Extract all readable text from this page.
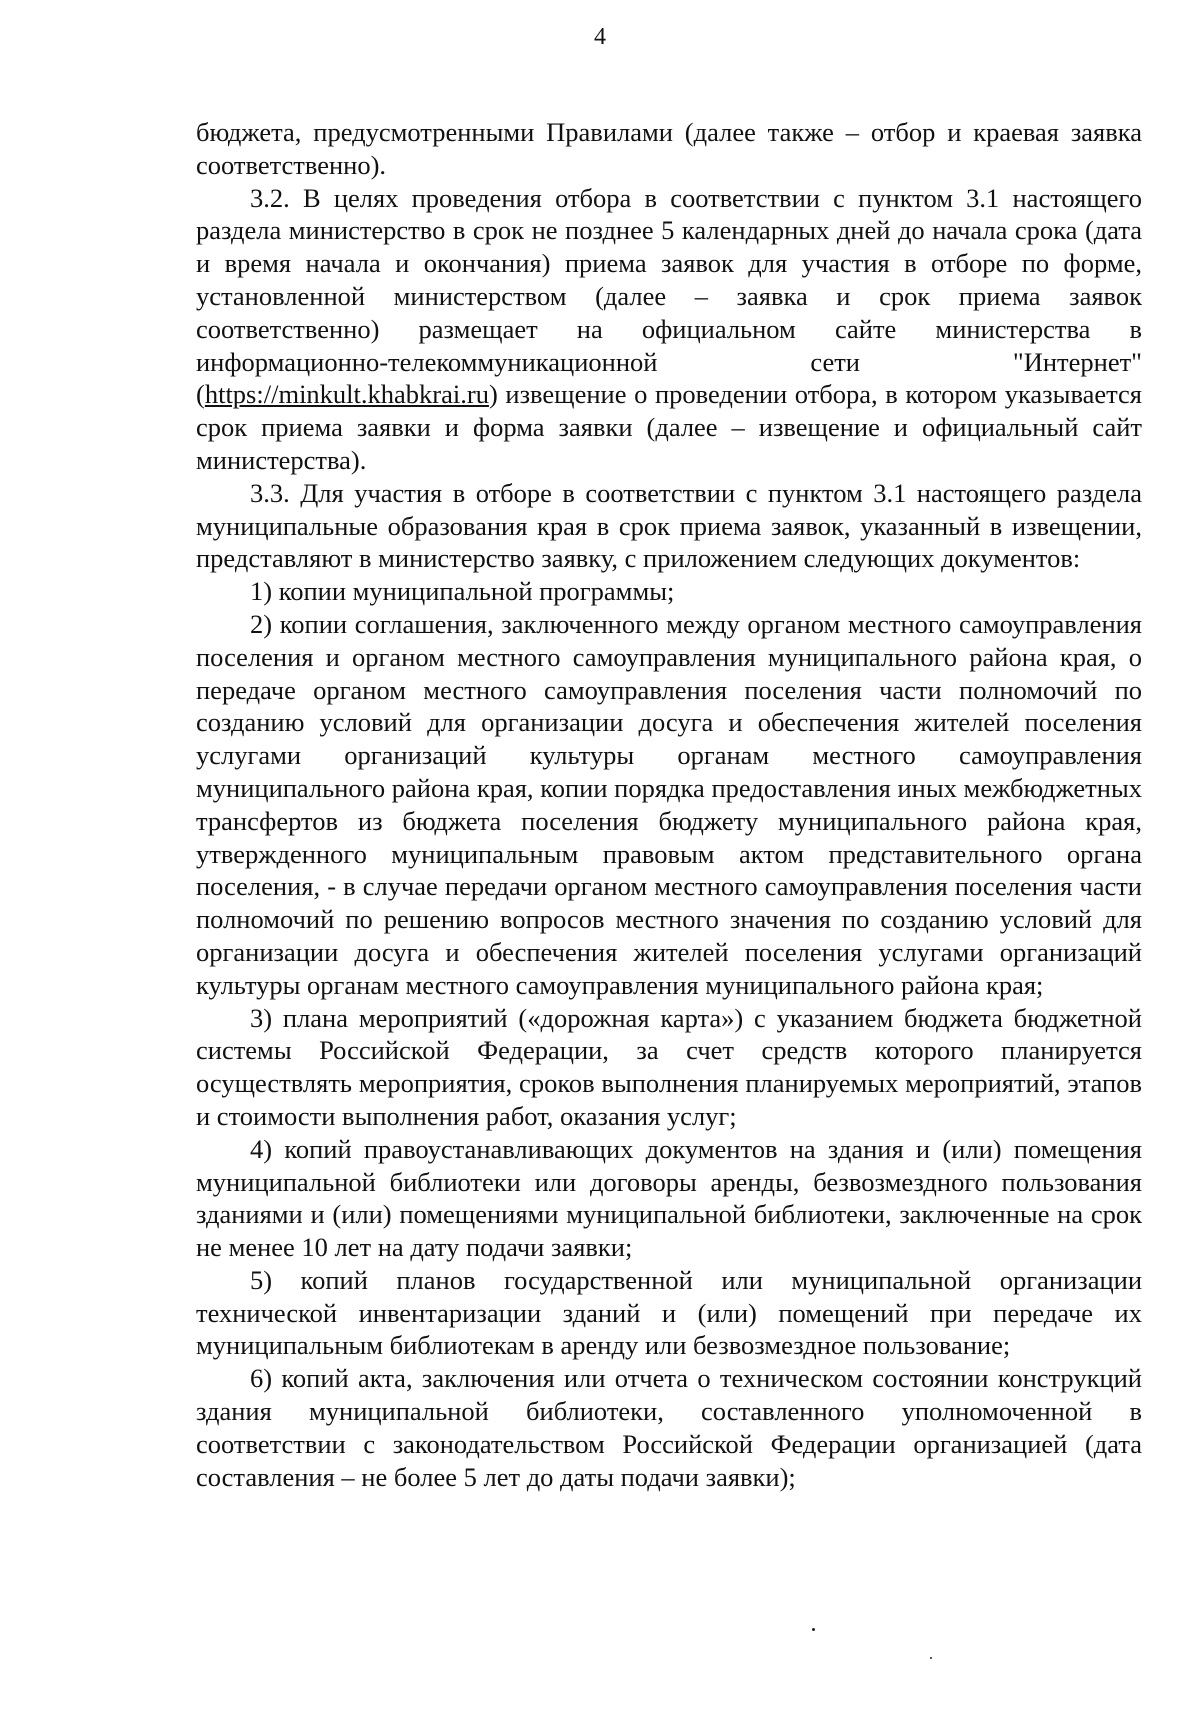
4

бюджета, предусмотренными Правилами (далее также – отбор и краевая заявка соответственно).

3.2. В целях проведения отбора в соответствии с пунктом 3.1 настоящего раздела министерство в срок не позднее 5 календарных дней до начала срока (дата и время начала и окончания) приема заявок для участия в отборе по форме, установленной министерством (далее – заявка и срок приема заявок соответственно) размещает на официальном сайте министерства в информационно-телекоммуникационной сети "Интернет" (https://minkult.khabkrai.ru) извещение о проведении отбора, в котором указывается срок приема заявки и форма заявки (далее – извещение и официальный сайт министерства).

3.3. Для участия в отборе в соответствии с пунктом 3.1 настоящего раздела муниципальные образования края в срок приема заявок, указанный в извещении, представляют в министерство заявку, с приложением следующих документов:

1) копии муниципальной программы;

2) копии соглашения, заключенного между органом местного самоуправления поселения и органом местного самоуправления муниципального района края, о передаче органом местного самоуправления поселения части полномочий по созданию условий для организации досуга и обеспечения жителей поселения услугами организаций культуры органам местного самоуправления муниципального района края, копии порядка предоставления иных межбюджетных трансфертов из бюджета поселения бюджету муниципального района края, утвержденного муниципальным правовым актом представительного органа поселения, - в случае передачи органом местного самоуправления поселения части полномочий по решению вопросов местного значения по созданию условий для организации досуга и обеспечения жителей поселения услугами организаций культуры органам местного самоуправления муниципального района края;

3) плана мероприятий («дорожная карта») с указанием бюджета бюджетной системы Российской Федерации, за счет средств которого планируется осуществлять мероприятия, сроков выполнения планируемых мероприятий, этапов и стоимости выполнения работ, оказания услуг;

4) копий правоустанавливающих документов на здания и (или) помещения муниципальной библиотеки или договоры аренды, безвозмездного пользования зданиями и (или) помещениями муниципальной библиотеки, заключенные на срок не менее 10 лет на дату подачи заявки;

5) копий планов государственной или муниципальной организации технической инвентаризации зданий и (или) помещений при передаче их муниципальным библиотекам в аренду или безвозмездное пользование;

6) копий акта, заключения или отчета о техническом состоянии конструкций здания муниципальной библиотеки, составленного уполномоченной в соответствии с законодательством Российской Федерации организацией (дата составления – не более 5 лет до даты подачи заявки);
